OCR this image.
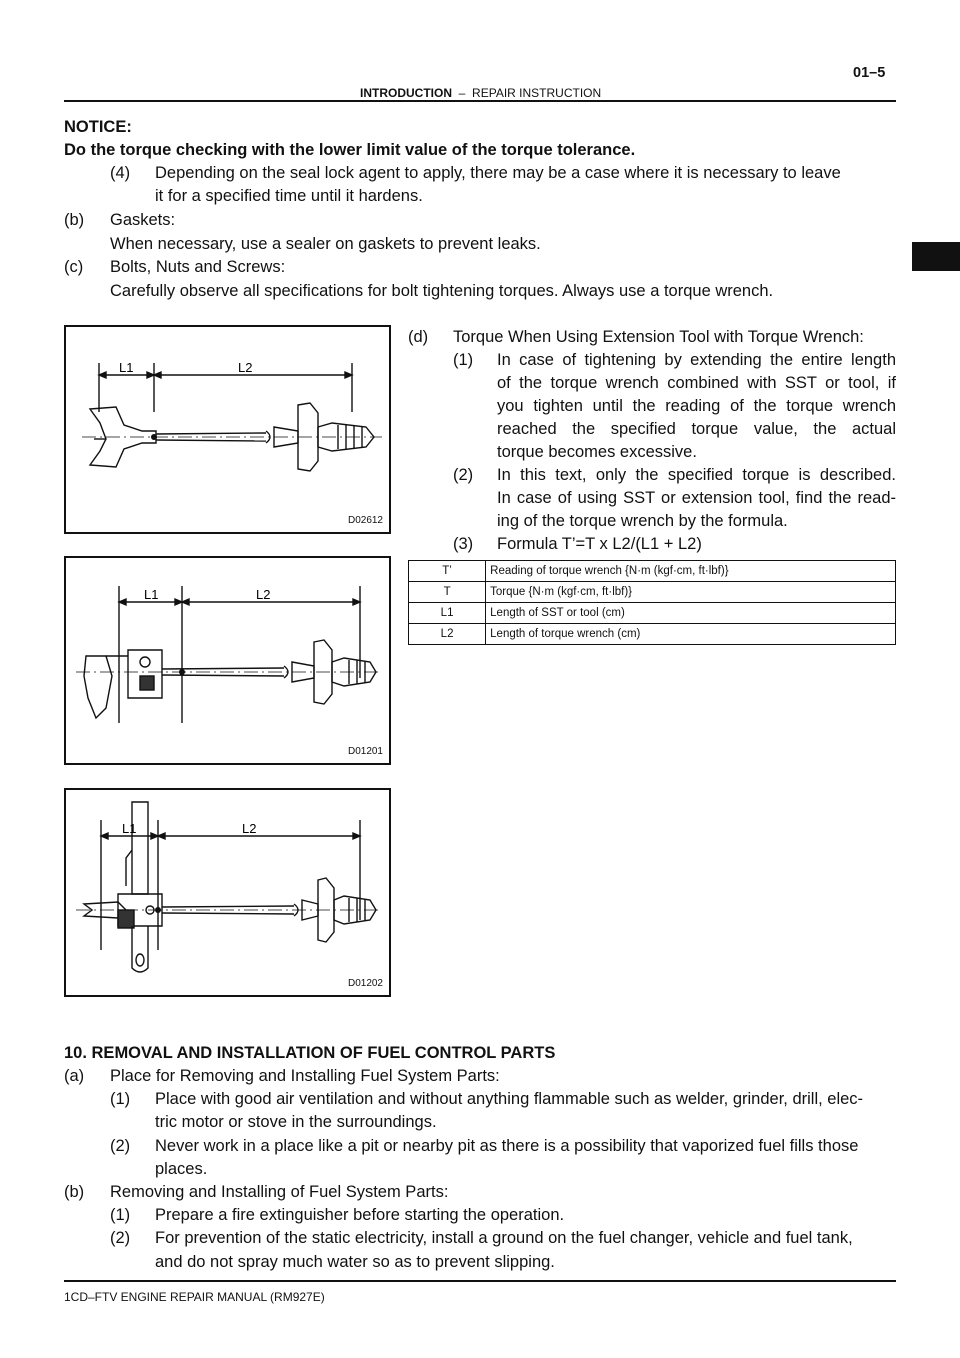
INTRODUCTION – REPAIR INSTRUCTION
01–5
NOTICE:
Do the torque checking with the lower limit value of the torque tolerance.
(4) Depending on the seal lock agent to apply, there may be a case where it is necessary to leave
it for a specified time until it hardens.
(b) Gaskets:
When necessary, use a sealer on gaskets to prevent leaks.
(c) Bolts, Nuts and Screws:
Carefully observe all specifications for bolt tightening torques. Always use a torque wrench.
(d) Torque When Using Extension Tool with Torque Wrench:
(1) In case of tightening by extending the entire length
of the torque wrench combined with SST or tool, if
you tighten until the reading of the torque wrench
reached the specified torque value, the actual
torque becomes excessive.
(2) In this text, only the specified torque is described.
In case of using SST or extension tool, find the read-
ing of the torque wrench by the formula.
(3) Formula T’=T x L2/(L1 + L2)
T’	Reading of torque wrench {N·m (kgf·cm, ft·lbf)}
T	Torque {N·m (kgf·cm, ft·lbf)}
L1	Length of SST or tool (cm)
L2	Length of torque wrench (cm)
L1	L2
D02612
L1	L2
D01201
L1	L2
D01202
10. REMOVAL AND INSTALLATION OF FUEL CONTROL PARTS
(a) Place for Removing and Installing Fuel System Parts:
(1) Place with good air ventilation and without anything flammable such as welder, grinder, drill, elec-
tric motor or stove in the surroundings.
(2) Never work in a place like a pit or nearby pit as there is a possibility that vaporized fuel fills those
places.
(b) Removing and Installing of Fuel System Parts:
(1) Prepare a fire extinguisher before starting the operation.
(2) For prevention of the static electricity, install a ground on the fuel changer, vehicle and fuel tank,
and do not spray much water so as to prevent slipping.
1CD–FTV ENGINE REPAIR MANUAL (RM927E)
